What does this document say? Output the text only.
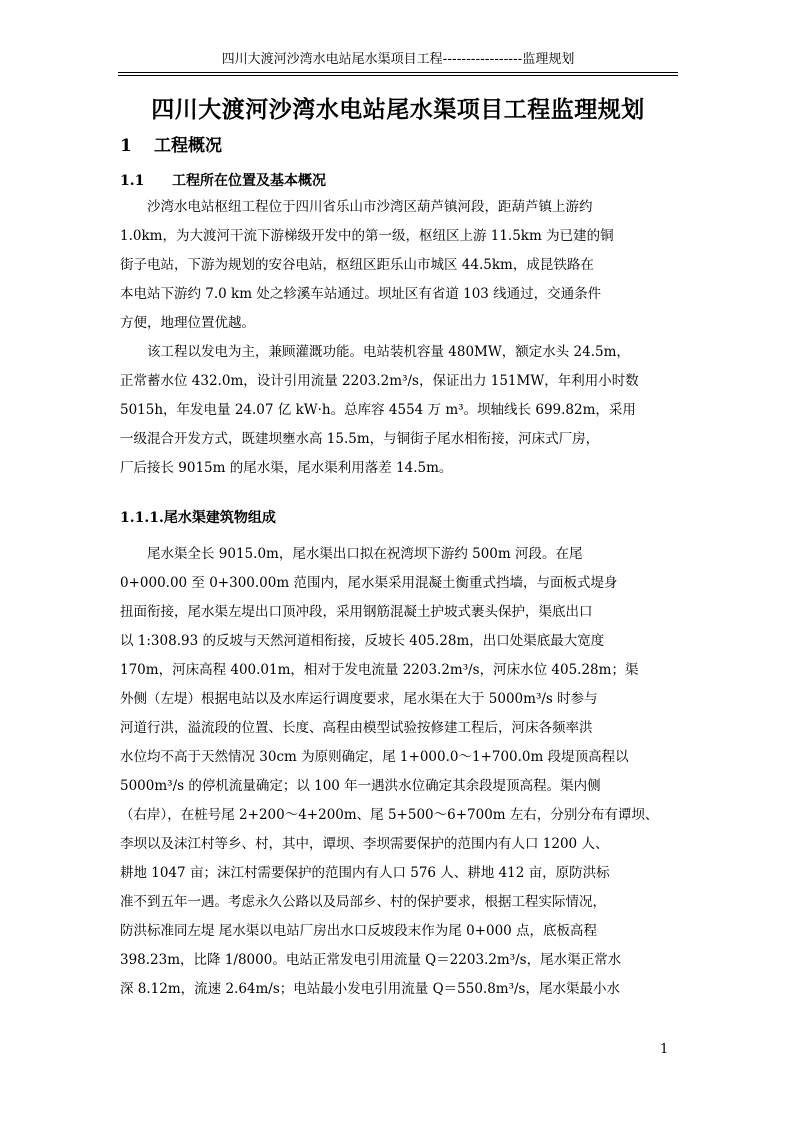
四川大渡河沙湾水电站尾水渠项目工程-----------------监理规划
四川大渡河沙湾水电站尾水渠项目工程监理规划
1 工程概况
1.1 工程所在位置及基本概况
　　沙湾水电站枢纽工程位于四川省乐山市沙湾区葫芦镇河段，距葫芦镇上游约
1.0km，为大渡河干流下游梯级开发中的第一级，枢纽区上游 11.5km 为已建的铜
街子电站，下游为规划的安谷电站，枢纽区距乐山市城区 44.5km，成昆铁路在
本电站下游约 7.0 km 处之轸溪车站通过。坝址区有省道 103 线通过，交通条件
方便，地理位置优越。
　　该工程以发电为主，兼顾灌溉功能。电站装机容量 480MW，额定水头 24.5m，
正常蓄水位 432.0m，设计引用流量 2203.2m³/s，保证出力 151MW，年利用小时数
5015h，年发电量 24.07 亿 kW·h。总库容 4554 万 m³。坝轴线长 699.82m，采用
一级混合开发方式，既建坝壅水高 15.5m，与铜街子尾水相衔接，河床式厂房，
厂后接长 9015m 的尾水渠，尾水渠利用落差 14.5m。
1.1.1.尾水渠建筑物组成
　　尾水渠全长 9015.0m，尾水渠出口拟在祝湾坝下游约 500m 河段。在尾
0+000.00 至 0+300.00m 范围内，尾水渠采用混凝土衡重式挡墙，与面板式堤身
扭面衔接，尾水渠左堤出口顶冲段，采用钢筋混凝土护坡式裹头保护，渠底出口
以 1:308.93 的反坡与天然河道相衔接，反坡长 405.28m，出口处渠底最大宽度
170m，河床高程 400.01m，相对于发电流量 2203.2m³/s，河床水位 405.28m；渠
外侧（左堤）根据电站以及水库运行调度要求，尾水渠在大于 5000m³/s 时参与
河道行洪，溢流段的位置、长度、高程由模型试验按修建工程后，河床各频率洪
水位均不高于天然情况 30cm 为原则确定，尾 1+000.0～1+700.0m 段堤顶高程以
5000m³/s 的停机流量确定；以 100 年一遇洪水位确定其余段堤顶高程。渠内侧
（右岸），在桩号尾 2+200～4+200m、尾 5+500～6+700m 左右，分别分布有谭坝、
李坝以及沫江村等乡、村，其中，谭坝、李坝需要保护的范围内有人口 1200 人、
耕地 1047 亩；沫江村需要保护的范围内有人口 576 人、耕地 412 亩，原防洪标
准不到五年一遇。考虑永久公路以及局部乡、村的保护要求，根据工程实际情况，
防洪标准同左堤 尾水渠以电站厂房出水口反坡段末作为尾 0+000 点，底板高程
398.23m，比降 1/8000。电站正常发电引用流量 Q＝2203.2m³/s，尾水渠正常水
深 8.12m，流速 2.64m/s；电站最小发电引用流量 Q＝550.8m³/s，尾水渠最小水
1
